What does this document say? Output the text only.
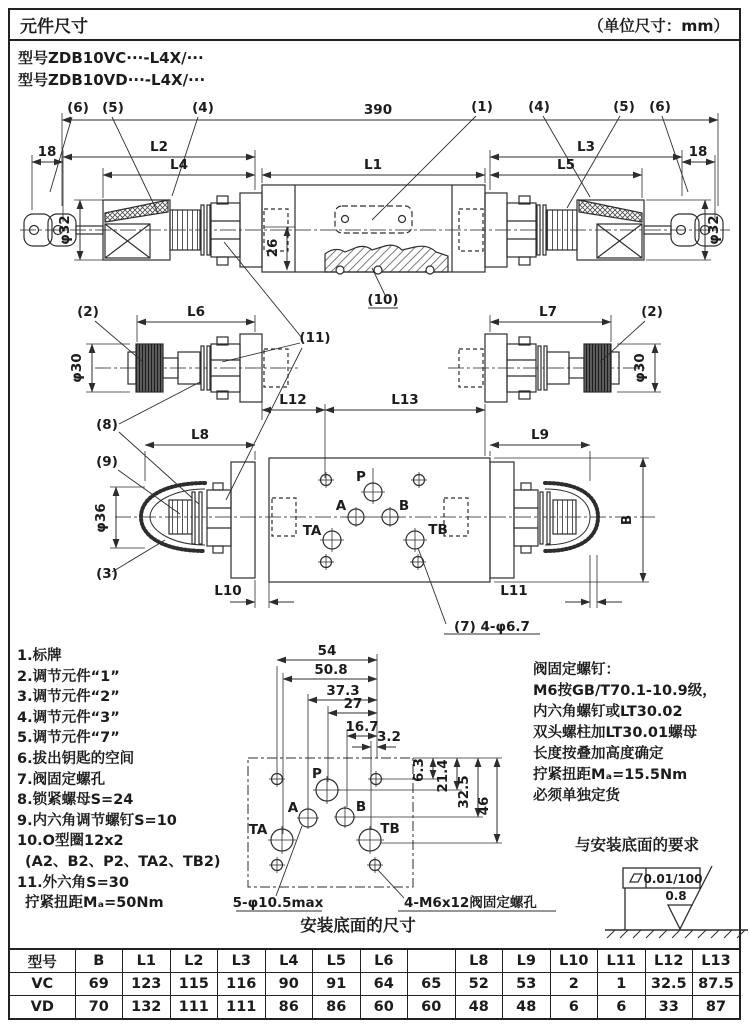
元件尺寸	（单位尺寸：mm）
型号ZDB10VC···-L4X/···
型号ZDB10VD···-L4X/···
390
18	18
L2
L4	L1
L3
L5
φ32	φ32
26
(6) (5)	(4)	(1)	(4)	(5) (6)
(10)
(2)	(2)
L6	L7
φ30	φ30
(8)
(11)
L12	L13
L8	L9
φ36	B
L10	L11
(9)
(3)
P
A	B
TA	TB
(7) 4-φ6.7
54
50.8
37.3
27
16.7
3.2
6.3 21.4 32.5 46
P
A	B
TA	TB
5-φ10.5max	4-M6x12阀固定螺孔
安装底面的尺寸
0.01/100
0.8
1.标牌
2.调节元件“1”
3.调节元件“2”
4.调节元件“3”
5.调节元件“7”
6.拔出钥匙的空间
7.阀固定螺孔
8.锁紧螺母S=24
9.内六角调节螺钉S=10
10.O型圈12x2
(A2、B2、P2、TA2、TB2)
11.外六角S=30
拧紧扭距Mₐ=50Nm
阀固定螺钉：
M6按GB/T70.1-10.9级，
内六角螺钉或LT30.02
双头螺柱加LT30.01螺母
长度按叠加高度确定
拧紧扭距Mₐ=15.5Nm
必须单独定货
与安装底面的要求
型号	B	L1	L2	L3	L4	L5	L6		L8	L9	L10	L11	L12	L13
VC	69	123	115	116	90	91	64	65	52	53	2	1	32.5	87.5
VD	70	132	111	111	86	86	60	60	48	48	6	6	33	87
